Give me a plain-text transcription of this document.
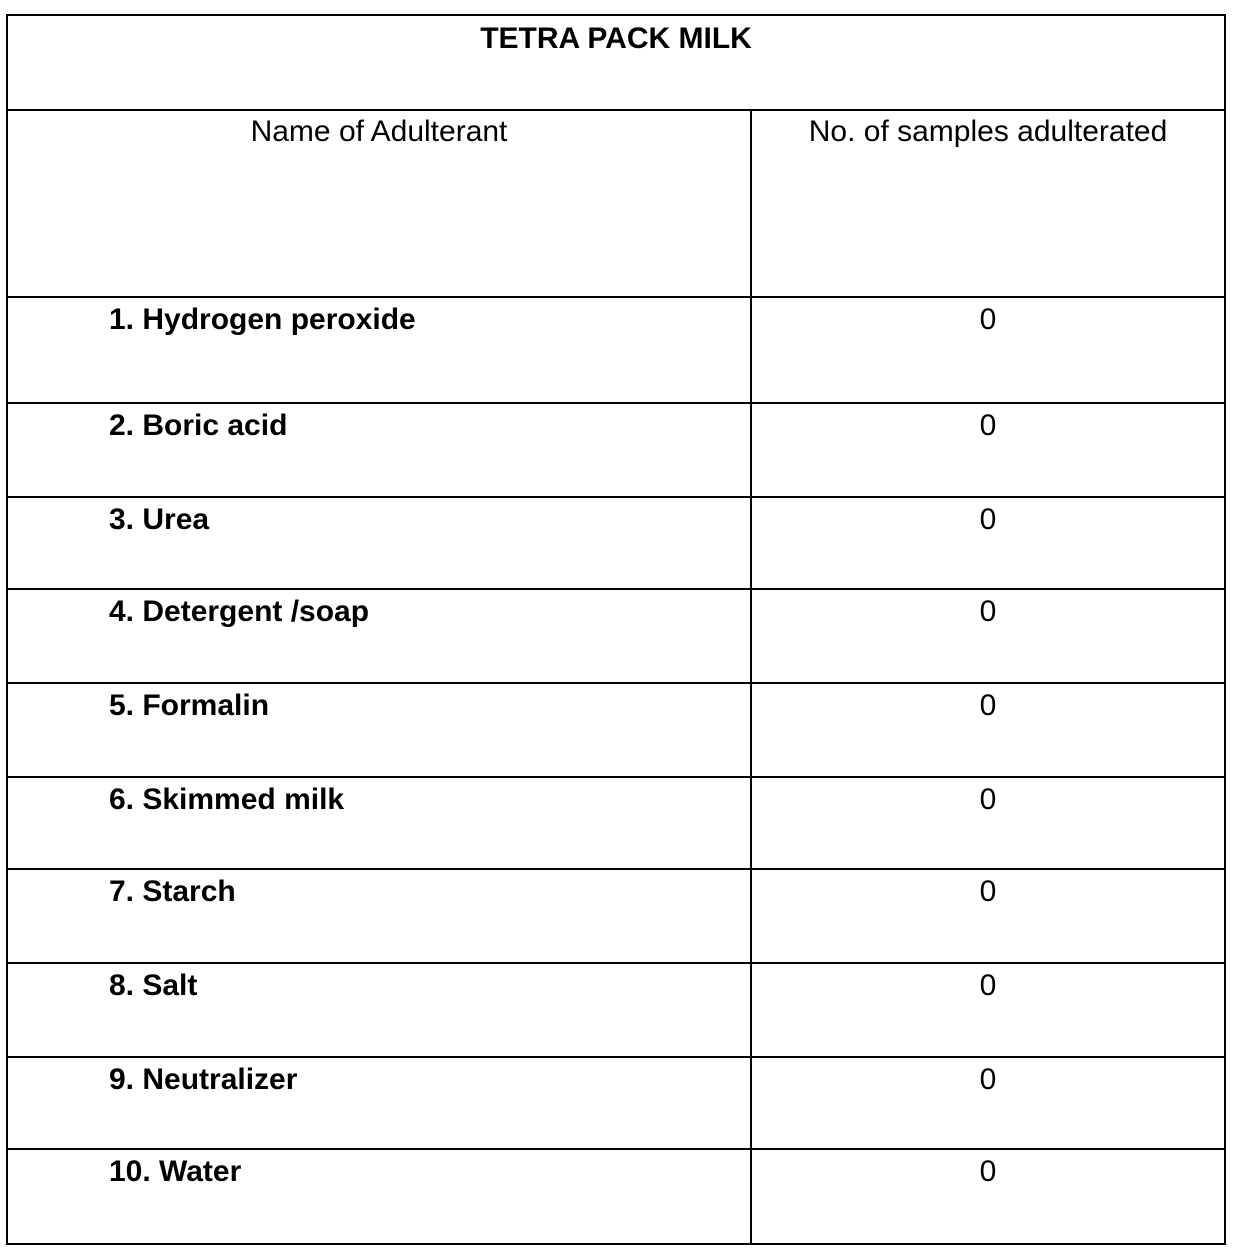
TETRA PACK MILK	
Name of Adulterant	No. of samples adulterated
1. Hydrogen peroxide	0
2. Boric acid	0
3. Urea	0
4. Detergent /soap	0
5. Formalin	0
6. Skimmed milk	0
7. Starch	0
8. Salt	0
9. Neutralizer	0
10. Water	0
